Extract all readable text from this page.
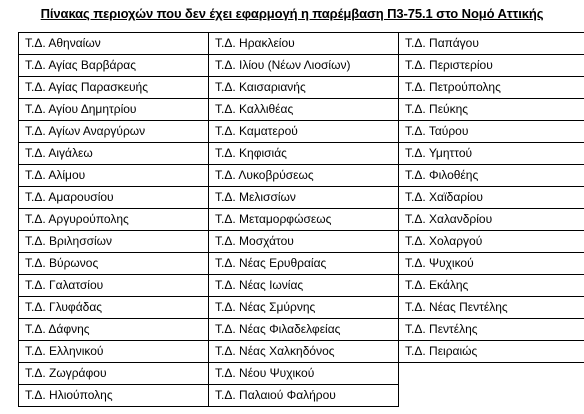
Πίνακας περιοχών που δεν έχει εφαρμογή η παρέμβαση Π3-75.1 στο Νομό Αττικής
Τ.Δ. Αθηναίων	Τ.Δ. Ηρακλείου	Τ.Δ. Παπάγου
Τ.Δ. Αγίας Βαρβάρας	Τ.Δ. Ιλίου (Νέων Λιοσίων)	Τ.Δ. Περιστερίου
Τ.Δ. Αγίας Παρασκευής	Τ.Δ. Καισαριανής	Τ.Δ. Πετρούπολης
Τ.Δ. Αγίου Δημητρίου	Τ.Δ. Καλλιθέας	Τ.Δ. Πεύκης
Τ.Δ. Αγίων Αναργύρων	Τ.Δ. Καματερού	Τ.Δ. Ταύρου
Τ.Δ. Αιγάλεω	Τ.Δ. Κηφισιάς	Τ.Δ. Υμηττού
Τ.Δ. Αλίμου	Τ.Δ. Λυκοβρύσεως	Τ.Δ. Φιλοθέης
Τ.Δ. Αμαρουσίου	Τ.Δ. Μελισσίων	Τ.Δ. Χαϊδαρίου
Τ.Δ. Αργυρούπολης	Τ.Δ. Μεταμορφώσεως	Τ.Δ. Χαλανδρίου
Τ.Δ. Βριλησσίων	Τ.Δ. Μοσχάτου	Τ.Δ. Χολαργού
Τ.Δ. Βύρωνος	Τ.Δ. Νέας Ερυθραίας	Τ.Δ. Ψυχικού
Τ.Δ. Γαλατσίου	Τ.Δ. Νέας Ιωνίας	Τ.Δ. Εκάλης
Τ.Δ. Γλυφάδας	Τ.Δ. Νέας Σμύρνης	Τ.Δ. Νέας Πεντέλης
Τ.Δ. Δάφνης	Τ.Δ. Νέας Φιλαδελφείας	Τ.Δ. Πεντέλης
Τ.Δ. Ελληνικού	Τ.Δ. Νέας Χαλκηδόνος	Τ.Δ. Πειραιώς
Τ.Δ. Ζωγράφου	Τ.Δ. Νέου Ψυχικού	
Τ.Δ. Ηλιούπολης	Τ.Δ. Παλαιού Φαλήρου	
